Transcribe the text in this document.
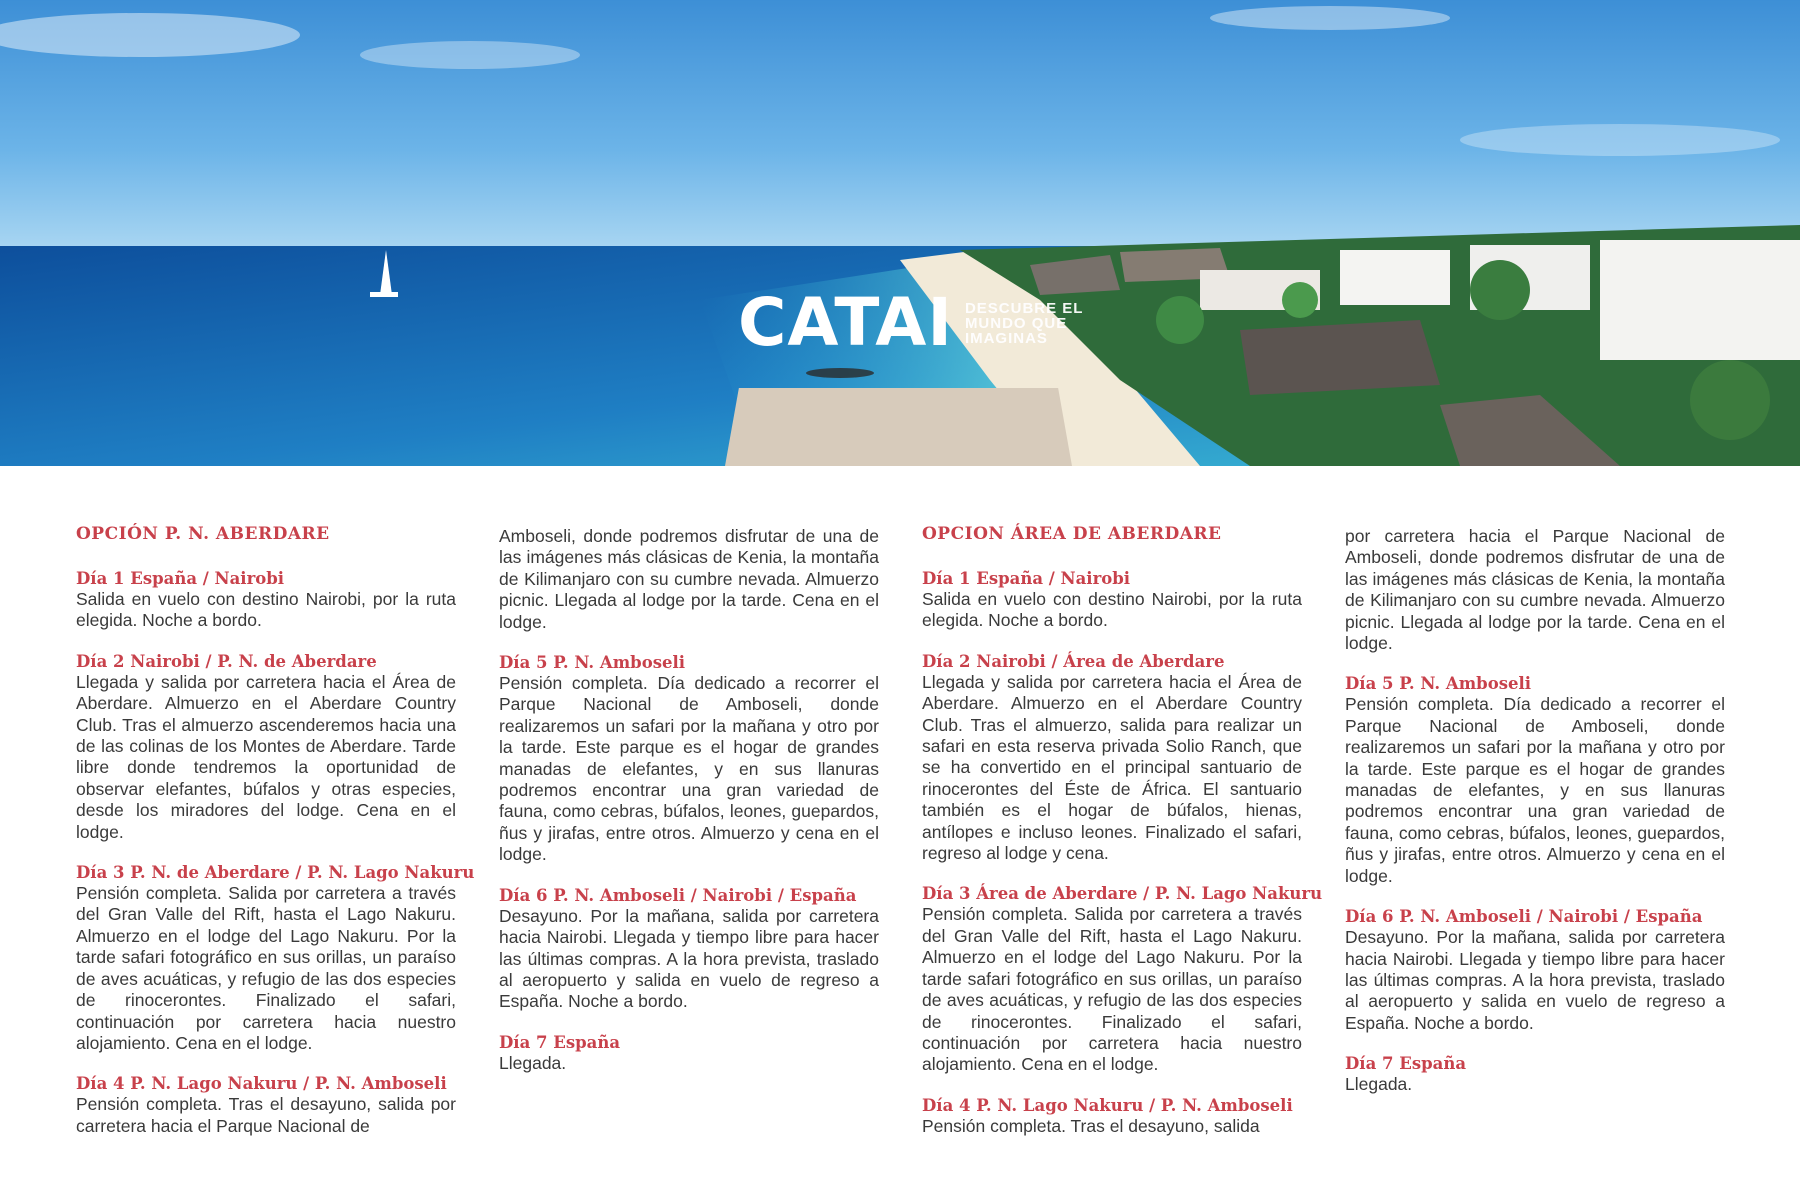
CATAI DESCUBRE EL
MUNDO QUE
IMAGINAS

OPCIÓN P. N. ABERDARE

Día 1 España / Nairobi

Salida en vuelo con destino Nairobi, por la ruta elegida. Noche a bordo.

Día 2 Nairobi / P. N. de Aberdare

Llegada y salida por carretera hacia el Área de Aberdare. Almuerzo en el Aberdare Country Club. Tras el almuerzo ascenderemos hacia una de las colinas de los Montes de Aberdare. Tarde libre donde tendremos la oportunidad de observar elefantes, búfalos y otras especies, desde los miradores del lodge. Cena en el lodge.

Día 3 P. N. de Aberdare / P. N. Lago Nakuru

Pensión completa. Salida por carretera a través del Gran Valle del Rift, hasta el Lago Nakuru. Almuerzo en el lodge del Lago Nakuru. Por la tarde safari fotográfico en sus orillas, un paraíso de aves acuáticas, y refugio de las dos especies de rinocerontes. Finalizado el safari, continuación por carretera hacia nuestro alojamiento. Cena en el lodge.

Día 4 P. N. Lago Nakuru / P. N. Amboseli

Pensión completa. Tras el desayuno, salida por carretera hacia el Parque Nacional de

Amboseli, donde podremos disfrutar de una de las imágenes más clásicas de Kenia, la montaña de Kilimanjaro con su cumbre nevada. Almuerzo picnic. Llegada al lodge por la tarde. Cena en el lodge.

Día 5 P. N. Amboseli

Pensión completa. Día dedicado a recorrer el Parque Nacional de Amboseli, donde realizaremos un safari por la mañana y otro por la tarde. Este parque es el hogar de grandes manadas de elefantes, y en sus llanuras podremos encontrar una gran variedad de fauna, como cebras, búfalos, leones, guepardos, ñus y jirafas, entre otros. Almuerzo y cena en el lodge.

Día 6 P. N. Amboseli / Nairobi / España

Desayuno. Por la mañana, salida por carretera hacia Nairobi. Llegada y tiempo libre para hacer las últimas compras. A la hora prevista, traslado al aeropuerto y salida en vuelo de regreso a España. Noche a bordo.

Día 7 España

Llegada.

OPCION ÁREA DE ABERDARE

Día 1 España / Nairobi

Salida en vuelo con destino Nairobi, por la ruta elegida. Noche a bordo.

Día 2 Nairobi / Área de Aberdare

Llegada y salida por carretera hacia el Área de Aberdare. Almuerzo en el Aberdare Country Club. Tras el almuerzo, salida para realizar un safari en esta reserva privada Solio Ranch, que se ha convertido en el principal santuario de rinocerontes del Éste de África. El santuario también es el hogar de búfalos, hienas, antílopes e incluso leones. Finalizado el safari, regreso al lodge y cena.

Día 3 Área de Aberdare / P. N. Lago Nakuru

Pensión completa. Salida por carretera a través del Gran Valle del Rift, hasta el Lago Nakuru. Almuerzo en el lodge del Lago Nakuru. Por la tarde safari fotográfico en sus orillas, un paraíso de aves acuáticas, y refugio de las dos especies de rinocerontes. Finalizado el safari, continuación por carretera hacia nuestro alojamiento. Cena en el lodge.

Día 4 P. N. Lago Nakuru / P. N. Amboseli

Pensión completa. Tras el desayuno, salida

por carretera hacia el Parque Nacional de Amboseli, donde podremos disfrutar de una de las imágenes más clásicas de Kenia, la montaña de Kilimanjaro con su cumbre nevada. Almuerzo picnic. Llegada al lodge por la tarde. Cena en el lodge.

Día 5 P. N. Amboseli

Pensión completa. Día dedicado a recorrer el Parque Nacional de Amboseli, donde realizaremos un safari por la mañana y otro por la tarde. Este parque es el hogar de grandes manadas de elefantes, y en sus llanuras podremos encontrar una gran variedad de fauna, como cebras, búfalos, leones, guepardos, ñus y jirafas, entre otros. Almuerzo y cena en el lodge.

Día 6 P. N. Amboseli / Nairobi / España

Desayuno. Por la mañana, salida por carretera hacia Nairobi. Llegada y tiempo libre para hacer las últimas compras. A la hora prevista, traslado al aeropuerto y salida en vuelo de regreso a España. Noche a bordo.

Día 7 España

Llegada.
